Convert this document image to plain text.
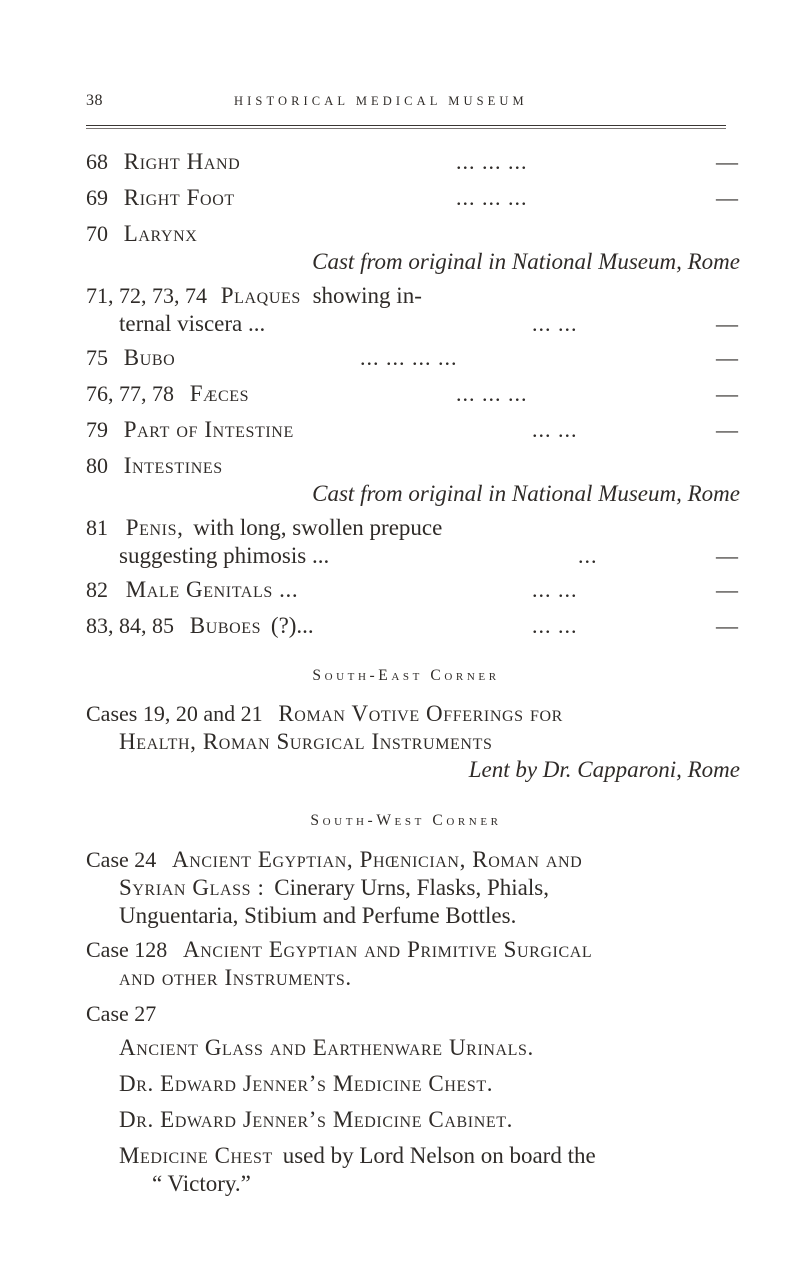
38	HISTORICAL MEDICAL MUSEUM
68 Right Hand	... ... ...	—
69 Right Foot	... ... ...	—
70 Larynx
Cast from original in National Museum, Rome
71, 72, 73, 74 Plaques showing in-
ternal viscera ...	... ...	—
75 Bubo	... ... ... ...	—
76, 77, 78 Fæces	... ... ...	—
79 Part of Intestine	... ...	—
80 Intestines
Cast from original in National Museum, Rome
81 Penis, with long, swollen prepuce
suggesting phimosis ...	...	—
82 Male Genitals ...	... ...	—
83, 84, 85 Buboes (?)...	... ...	—
South-East Corner
Cases 19, 20 and 21 Roman Votive Offerings for
Health, Roman Surgical Instruments
Lent by Dr. Capparoni, Rome
South-West Corner
Case 24 Ancient Egyptian, Phœnician, Roman and
Syrian Glass : Cinerary Urns, Flasks, Phials,
Unguentaria, Stibium and Perfume Bottles.
Case 128 Ancient Egyptian and Primitive Surgical
and other Instruments.
Case 27
Ancient Glass and Earthenware Urinals.
Dr. Edward Jenner’s Medicine Chest.
Dr. Edward Jenner’s Medicine Cabinet.
Medicine Chest used by Lord Nelson on board the
“ Victory.”
